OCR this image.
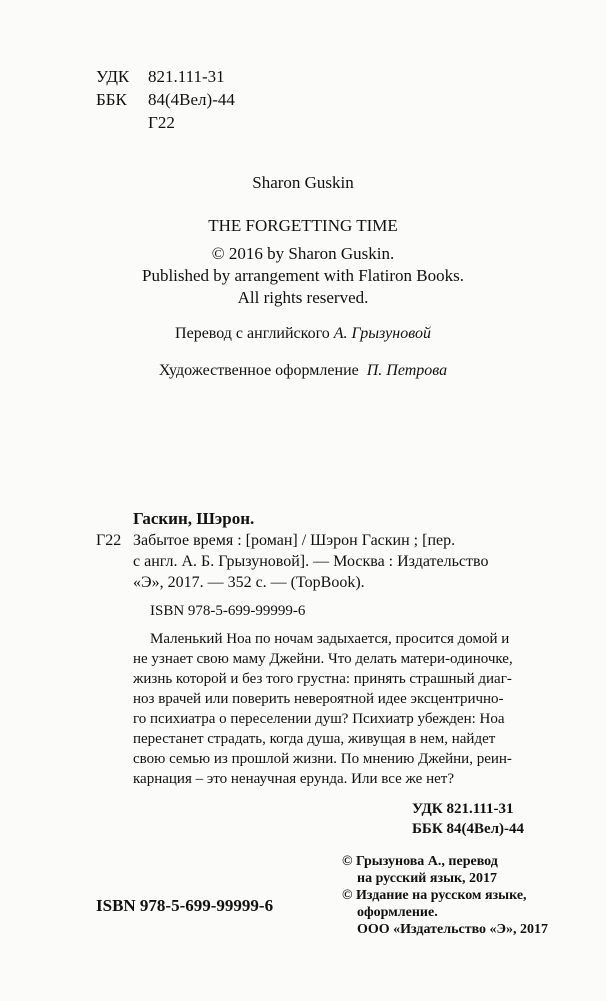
УДК 821.111-31
ББК 84(4Вел)-44
Г22
Sharon Guskin
THE FORGETTING TIME
© 2016 by Sharon Guskin.
Published by arrangement with Flatiron Books.
All rights reserved.
Перевод с английского А. Грызуновой
Художественное оформление П. Петрова
Гаскин, Шэрон.
Г22 Забытое время : [роман] / Шэрон Гаскин ; [пер.
с англ. А. Б. Грызуновой]. — Москва : Издательство
«Э», 2017. — 352 с. — (TopBook).
ISBN 978-5-699-99999-6
Маленький Ноа по ночам задыхается, просится домой и
не узнает свою маму Джейни. Что делать матери-одиночке,
жизнь которой и без того грустна: принять страшный диаг-
ноз врачей или поверить невероятной идее эксцентрично-
го психиатра о переселении душ? Психиатр убежден: Ноа
перестанет страдать, когда душа, живущая в нем, найдет
свою семью из прошлой жизни. По мнению Джейни, реин-
карнация – это ненаучная ерунда. Или все же нет?
УДК 821.111-31
ББК 84(4Вел)-44
ISBN 978-5-699-99999-6
© Грызунова А., перевод
на русский язык, 2017
© Издание на русском языке,
оформление.
ООО «Издательство «Э», 2017
